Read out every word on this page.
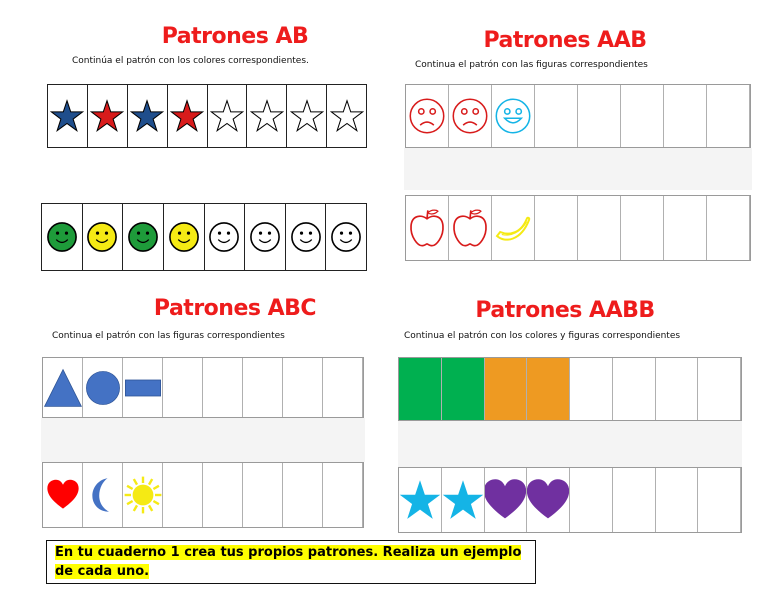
Patrones AB
Continúa el patrón con los colores correspondientes.
Patrones AAB
Continua el patrón con las figuras correspondientes
Patrones ABC
Continua el patrón con las figuras correspondientes
Patrones AABB
Continua el patrón con los colores y figuras correspondientes
En tu cuaderno 1 crea tus propios patrones. Realiza un ejemplo
de cada uno.
